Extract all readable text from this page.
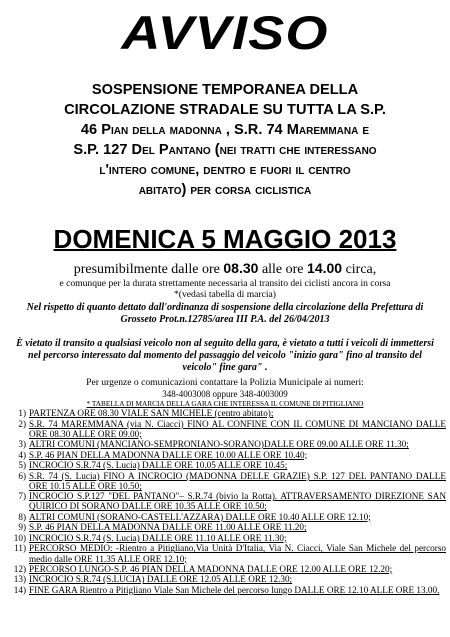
AVVISO
SOSPENSIONE TEMPORANEA DELLA
CIRCOLAZIONE STRADALE SU TUTTA LA S.P.
46 Pian della madonna , S.R. 74 Maremmana e
S.P. 127 Del Pantano (nei tratti che interessano
l'intero comune, dentro e fuori il centro
abitato) per corsa ciclistica
DOMENICA 5 MAGGIO 2013
presumibilmente dalle ore 08.30 alle ore 14.00 circa,
e comunque per la durata strettamente necessaria al transito dei ciclisti ancora in corsa
*(vedasi tabella di marcia)
Nel rispetto di quanto dettato dall'ordinanza di sospensione della circolazione della Prefettura di Grosseto Prot.n.12785/area III P.A. del 26/04/2013
È vietato il transito a qualsiasi veicolo non al seguito della gara, è vietato a tutti i veicoli di immettersi nel percorso interessato dal momento del passaggio del veicolo "inizio gara" fino al transito del veicolo" fine gara" .
Per urgenze o comunicazioni contattare la Polizia Municipale ai numeri:
348-4003008 oppure 348-4003009
* TABELLA DI MARCIA DELLA GARA CHE INTERESSA IL COMUNE DI PITIGLIANO
1) PARTENZA ORE 08.30 VIALE SAN MICHELE (centro abitato);
2) S.R. 74 MAREMMANA (via N. Ciacci) FINO AL CONFINE CON IL COMUNE DI MANCIANO DALLE ORE 08.30 ALLE ORE 09.00;
3) ALTRI COMUNI (MANCIANO-SEMPRONIANO-SORANO)DALLE ORE 09.00 ALLE ORE 11.30;
4) S.P. 46 PIAN DELLA MADONNA DALLE ORE 10.00 ALLE ORE 10.40;
5) INCROCIO S.R.74 (S. Lucia) DALLE ORE 10.05 ALLE ORE 10.45;
6) S.R. 74 (S. Lucia) FINO A INCROCIO (MADONNA DELLE GRAZIE) S.P. 127 DEL PANTANO DALLE ORE 10.15 ALLE ORE 10.50;
7) INCROCIO S.P.127 "DEL PANTANO"– S.R.74 (bivio la Rotta). ATTRAVERSAMENTO DIREZIONE SAN QUIRICO DI SORANO DALLE ORE 10.35 ALLE ORE 10.50;
8) ALTRI COMUNI (SORANO-CASTELL'AZZARA) DALLE ORE 10.40 ALLE ORE 12.10;
9) S.P. 46 PIAN DELLA MADONNA DALLE ORE 11.00 ALLE ORE 11.20;
10) INCROCIO S.R.74 (S. Lucia) DALLE ORE 11.10 ALLE ORE 11.30;
11) PERCORSO MEDIO: -Rientro a Pitigliano,Via Unità D'Italia, Via N. Ciacci, Viale San Michele del percorso medio dalle ORE 11.35 ALLE ORE 12.10;
12) PERCORSO LUNGO-S.P. 46 PIAN DELLA MADONNA DALLE ORE 12.00 ALLE ORE 12.20;
13) INCROCIO S.R.74 (S.LUCIA) DALLE ORE 12.05 ALLE ORE 12.30;
14) FINE GARA Rientro a Pitigliano Viale San Michele del percorso lungo DALLE ORE 12.10 ALLE ORE 13.00.
